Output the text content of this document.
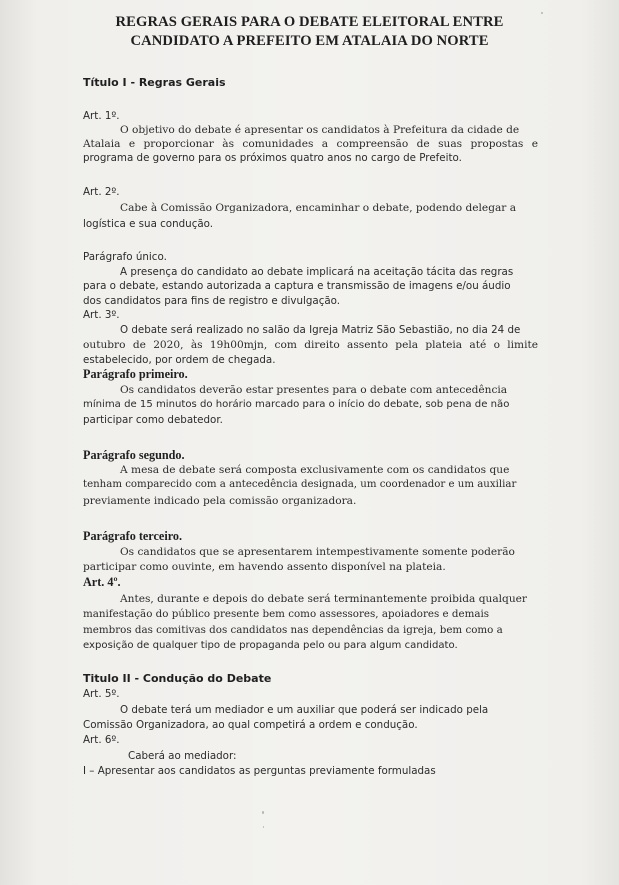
REGRAS GERAIS PARA O DEBATE ELEITORAL ENTRE
CANDIDATO A PREFEITO EM ATALAIA DO NORTE
Título I - Regras Gerais
Art. 1º.
O objetivo do debate é apresentar os candidatos à Prefeitura da cidade de
Atalaia e proporcionar às comunidades a compreensão de suas propostas e
programa de governo para os próximos quatro anos no cargo de Prefeito.
Art. 2º.
Cabe à Comissão Organizadora, encaminhar o debate, podendo delegar a
logística e sua condução.
Parágrafo único.
A presença do candidato ao debate implicará na aceitação tácita das regras
para o debate, estando autorizada a captura e transmissão de imagens e/ou áudio
dos candidatos para fins de registro e divulgação.
Art. 3º.
O debate será realizado no salão da Igreja Matriz São Sebastião, no dia 24 de
outubro de 2020, às 19h00mjn, com direito assento pela plateia até o limite
estabelecido, por ordem de chegada.
Parágrafo primeiro.
Os candidatos deverão estar presentes para o debate com antecedência
mínima de 15 minutos do horário marcado para o início do debate, sob pena de não
participar como debatedor.
Parágrafo segundo.
A mesa de debate será composta exclusivamente com os candidatos que
tenham comparecido com a antecedência designada, um coordenador e um auxiliar
previamente indicado pela comissão organizadora.
Parágrafo terceiro.
Os candidatos que se apresentarem intempestivamente somente poderão
participar como ouvinte, em havendo assento disponível na plateia.
Art. 4º.
Antes, durante e depois do debate será terminantemente proibida qualquer
manifestação do público presente bem como assessores, apoiadores e demais
membros das comitivas dos candidatos nas dependências da igreja, bem como a
exposição de qualquer tipo de propaganda pelo ou para algum candidato.
Titulo II - Condução do Debate
Art. 5º.
O debate terá um mediador e um auxiliar que poderá ser indicado pela
Comissão Organizadora, ao qual competirá a ordem e condução.
Art. 6º.
Caberá ao mediador:
I – Apresentar aos candidatos as perguntas previamente formuladas
